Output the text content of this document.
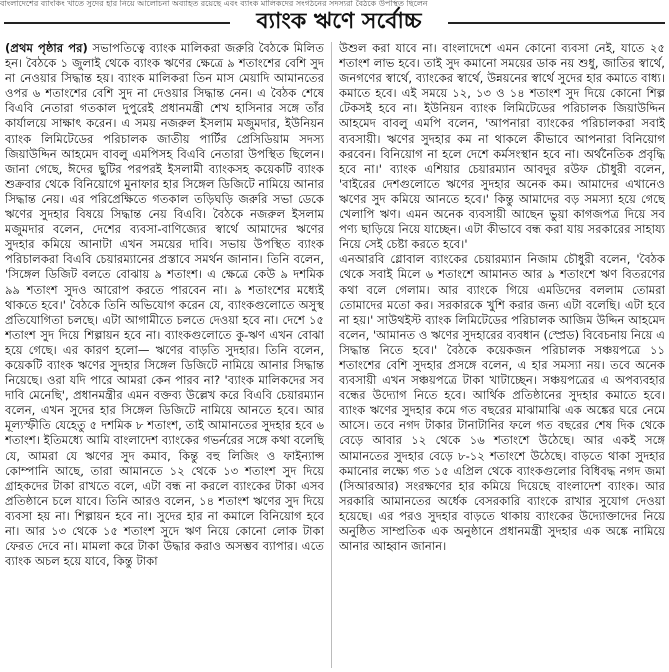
বাংলাদেশের ব্যাংকিং খাতে সুদের হার নিয়ে আলোচনা অব্যাহত রয়েছে এবং ব্যাংক মালিকদের সংগঠনের সদস্যরা বৈঠকে উপস্থিত ছিলেন
ব্যাংক ঋণে সর্বোচ্চ

(প্রথম পৃষ্ঠার পর) সভাপতিত্বে ব্যাংক মালিকরা জরুরি বৈঠকে মিলিত হন। বৈঠকে ১ জুলাই থেকে ব্যাংক ঋণের ক্ষেত্রে ৯ শতাংশের বেশি সুদ না নেওয়ার সিদ্ধান্ত হয়। ব্যাংক মালিকরা তিন মাস মেয়াদি আমানতের ওপর ৬ শতাংশের বেশি সুদ না দেওয়ার সিদ্ধান্ত নেন। এ বৈঠক শেষে বিএবি নেতারা গতকাল দুপুরেই প্রধানমন্ত্রী শেখ হাসিনার সঙ্গে তাঁর কার্যালয়ে সাক্ষাৎ করেন। এ সময় নজরুল ইসলাম মজুমদার, ইউনিয়ন ব্যাংক লিমিটেডের পরিচালক জাতীয় পার্টির প্রেসিডিয়াম সদস্য জিয়াউদ্দিন আহমেদ বাবলু এমপিসহ বিএবি নেতারা উপস্থিত ছিলেন। জানা গেছে, ঈদের ছুটির পরপরই ইসলামী ব্যাংকসহ কয়েকটি ব্যাংক শুক্রবার থেকে বিনিয়োগে মুনাফার হার সিঙ্গেল ডিজিটে নামিয়ে আনার সিদ্ধান্ত নেয়। এর পরিপ্রেক্ষিতে গতকাল তড়িঘড়ি জরুরি সভা ডেকে ঋণের সুদহার বিষয়ে সিদ্ধান্ত নেয় বিএবি। বৈঠকে নজরুল ইসলাম মজুমদার বলেন, দেশের ব্যবসা-বাণিজ্যের স্বার্থে আমাদের ঋণের সুদহার কমিয়ে আনাটা এখন সময়ের দাবি। সভায় উপস্থিত ব্যাংক পরিচালকরা বিএবি চেয়ারম্যানের প্রস্তাবে সমর্থন জানান। তিনি বলেন, 'সিঙ্গেল ডিজিট বলতে বোঝায় ৯ শতাংশ। এ ক্ষেত্রে কেউ ৯ দশমিক ৯৯ শতাংশ সুদও আরোপ করতে পারবেন না। ৯ শতাংশের মধ্যেই থাকতে হবে।' বৈঠকে তিনি অভিযোগ করেন যে, ব্যাংকগুলোতে অসুস্থ প্রতিযোগিতা চলছে। এটা আগামীতে চলতে দেওয়া হবে না। দেশে ১৫ শতাংশ সুদ দিয়ে শিল্পায়ন হবে না। ব্যাংকগুলোতে কু-ঋণ এখন বোঝা হয়ে গেছে। এর কারণ হলো— ঋণের বাড়তি সুদহার। তিনি বলেন, কয়েকটি ব্যাংক ঋণের সুদহার সিঙ্গেল ডিজিটে নামিয়ে আনার সিদ্ধান্ত নিয়েছে। ওরা যদি পারে আমরা কেন পারব না? 'ব্যাংক মালিকদের সব দাবি মেনেছি', প্রধানমন্ত্রীর এমন বক্তব্য উল্লেখ করে বিএবি চেয়ারম্যান বলেন, এখন সুদের হার সিঙ্গেল ডিজিটে নামিয়ে আনতে হবে। আর মূল্যস্ফীতি যেহেতু ৫ দশমিক ৮ শতাংশ, তাই আমানতের সুদহার হবে ৬ শতাংশ। ইতিমধ্যে আমি বাংলাদেশ ব্যাংকের গভর্নরের সঙ্গে কথা বলেছি যে, আমরা যে ঋণের সুদ কমাব, কিন্তু বহু লিজিং ও ফাইন্যান্স কোম্পানি আছে, তারা আমানতে ১২ থেকে ১৩ শতাংশ সুদ দিয়ে গ্রাহকদের টাকা রাখতে বলে, এটা বন্ধ না করলে ব্যাংকের টাকা এসব প্রতিষ্ঠানে চলে যাবে। তিনি আরও বলেন, ১৪ শতাংশ ঋণের সুদ দিয়ে ব্যবসা হয় না। শিল্পায়ন হবে না। সুদের হার না কমালে বিনিয়োগ হবে না। আর ১৩ থেকে ১৫ শতাংশ সুদে ঋণ নিয়ে কোনো লোক টাকা ফেরত দেবে না। মামলা করে টাকা উদ্ধার করাও অসম্ভব ব্যাপার। এতে ব্যাংক অচল হয়ে যাবে, কিন্তু টাকা

উশুল করা যাবে না। বাংলাদেশে এমন কোনো ব্যবসা নেই, যাতে ২৫ শতাংশ লাভ হবে। তাই সুদ কমানো সময়ের ডাক নয় শুধু, জাতির স্বার্থে, জনগণের স্বার্থে, ব্যাংকের স্বার্থে, উন্নয়নের স্বার্থে সুদের হার কমাতে বাধ্য। কমাতে হবে। এই সময়ে ১২, ১৩ ও ১৪ শতাংশ সুদ দিয়ে কোনো শিল্প টেকসই হবে না। ইউনিয়ন ব্যাংক লিমিটেডের পরিচালক জিয়াউদ্দিন আহমেদ বাবলু এমপি বলেন, 'আপনারা ব্যাংকের পরিচালকরা সবাই ব্যবসায়ী। ঋণের সুদহার কম না থাকলে কীভাবে আপনারা বিনিয়োগ করবেন। বিনিয়োগ না হলে দেশে কর্মসংস্থান হবে না। অর্থনৈতিক প্রবৃদ্ধি হবে না।' ব্যাংক এশিয়ার চেয়ারম্যান আবদুর রউফ চৌধুরী বলেন, 'বাইরের দেশগুলোতে ঋণের সুদহার অনেক কম। আমাদের এখানেও ঋণের সুদ কমিয়ে আনতে হবে।' কিন্তু আমাদের বড় সমস্যা হয়ে গেছে খেলাপি ঋণ। এমন অনেক ব্যবসায়ী আছেন ভুয়া কাগজপত্র দিয়ে সব পণ্য ছাড়িয়ে নিয়ে যাচ্ছেন। এটা কীভাবে বন্ধ করা যায় সরকারের সাহায্য নিয়ে সেই চেষ্টা করতে হবে।'

এনআরবি গ্লোবাল ব্যাংকের চেয়ারম্যান নিজাম চৌধুরী বলেন, 'বৈঠক থেকে সবাই মিলে ৬ শতাংশে আমানত আর ৯ শতাংশে ঋণ বিতরণের কথা বলে গেলাম। আর ব্যাংকে গিয়ে এমডিদের বললাম তোমরা তোমাদের মতো কর। সরকারকে খুশি করার জন্য এটা বলেছি। এটা হবে না হয়।' সাউথইস্ট ব্যাংক লিমিটেডের পরিচালক আজিম উদ্দিন আহমেদ বলেন, 'আমানত ও ঋণের সুদহারের ব্যবধান (স্প্রেড) বিবেচনায় নিয়ে এ সিদ্ধান্ত নিতে হবে।' বৈঠকে কয়েকজন পরিচালক সঞ্চয়পত্রে ১১ শতাংশের বেশি সুদহার প্রসঙ্গে বলেন, এ হার সমস্যা নয়। তবে অনেক ব্যবসায়ী এখন সঞ্চয়পত্রে টাকা খাটাচ্ছেন। সঞ্চয়পত্রের এ অপব্যবহার বন্ধের উদ্যোগ নিতে হবে। আর্থিক প্রতিষ্ঠানের সুদহার কমাতে হবে। ব্যাংক ঋণের সুদহার কমে গত বছরের মাঝামাঝি এক অঙ্কের ঘরে নেমে আসে। তবে নগদ টাকার টানাটানির ফলে গত বছরের শেষ দিক থেকে বেড়ে আবার ১২ থেকে ১৬ শতাংশে উঠেছে। আর একই সঙ্গে আমানতের সুদহার বেড়ে ৮-১২ শতাংশে উঠেছে। বাড়তে থাকা সুদহার কমানোর লক্ষ্যে গত ১৫ এপ্রিল থেকে ব্যাংকগুলোর বিধিবদ্ধ নগদ জমা (সিআরআর) সংরক্ষণের হার কমিয়ে দিয়েছে বাংলাদেশ ব্যাংক। আর সরকারি আমানতের অর্ধেক বেসরকারি ব্যাংকে রাখার সুযোগ দেওয়া হয়েছে। এর পরও সুদহার বাড়তে থাকায় ব্যাংকের উদ্যোক্তাদের নিয়ে অনুষ্ঠিত সাম্প্রতিক এক অনুষ্ঠানে প্রধানমন্ত্রী সুদহার এক অঙ্কে নামিয়ে আনার আহ্বান জানান।
